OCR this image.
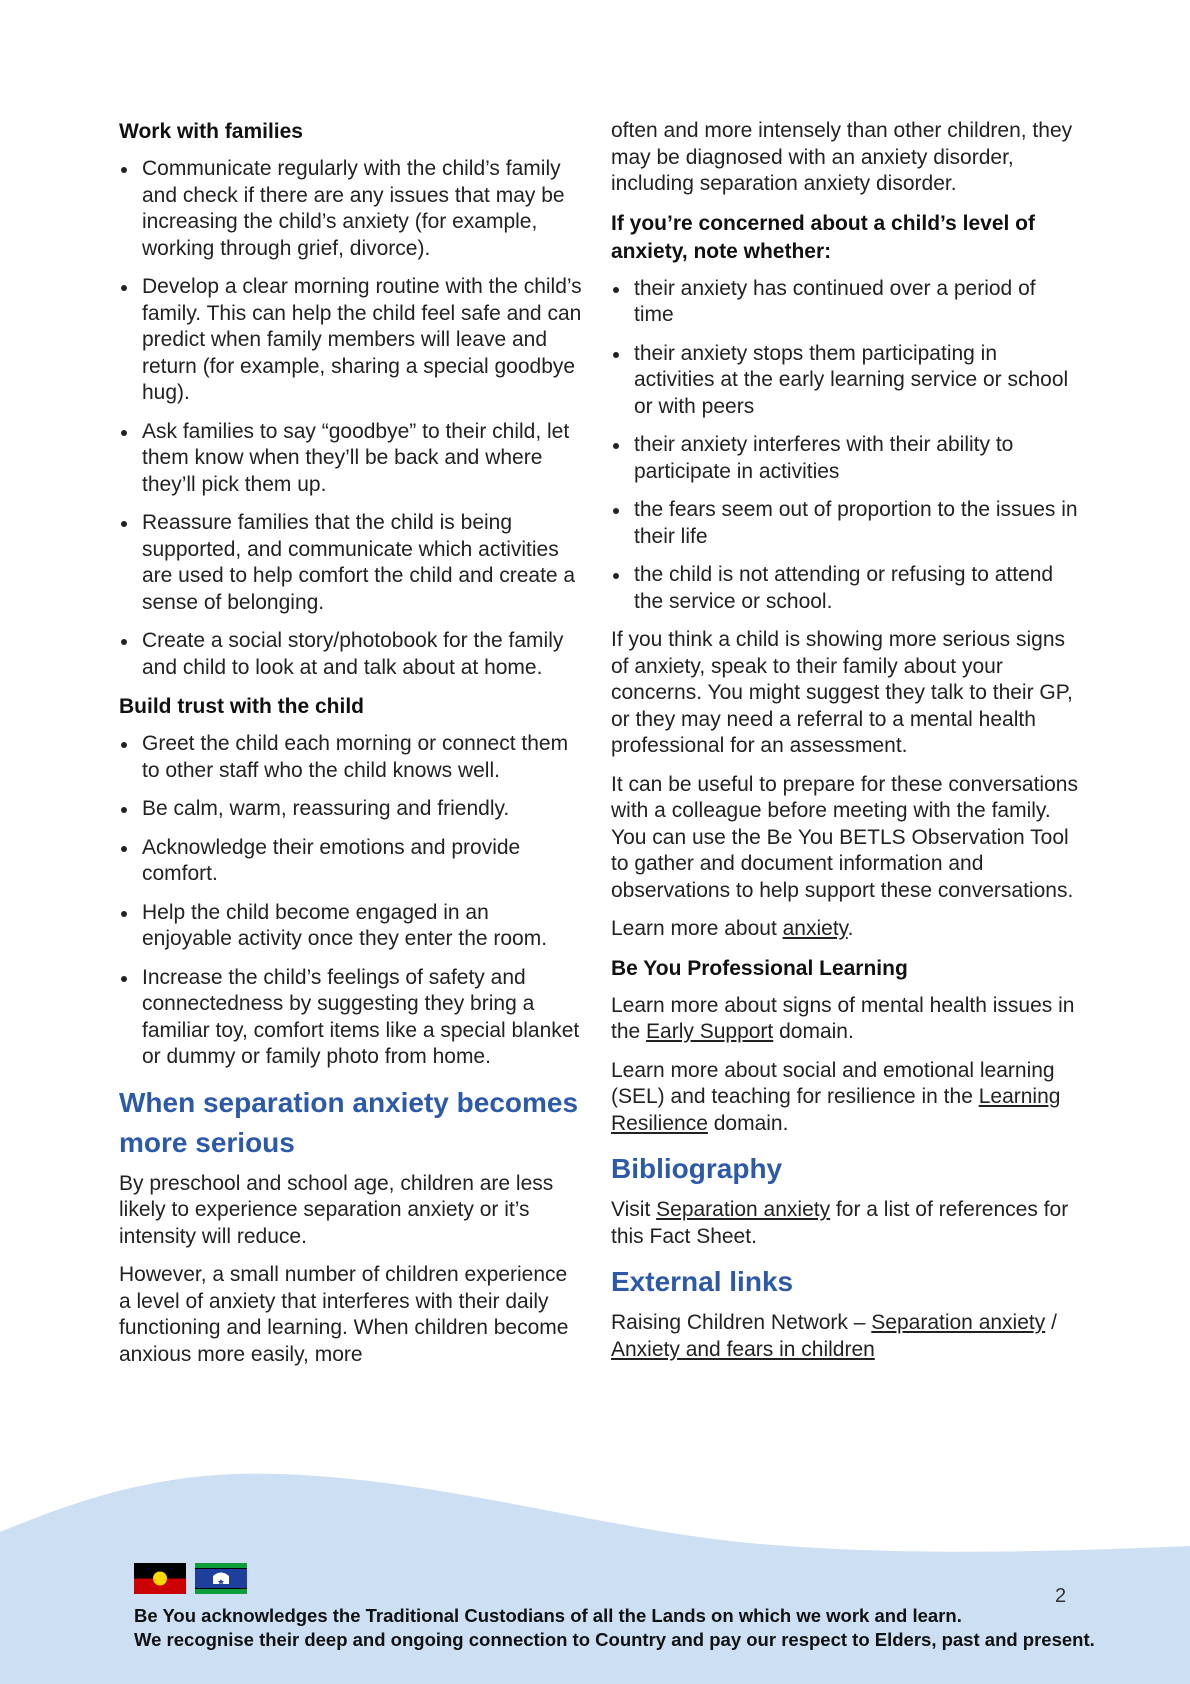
Work with families
Communicate regularly with the child’s family and check if there are any issues that may be increasing the child’s anxiety (for example, working through grief, divorce).
Develop a clear morning routine with the child’s family. This can help the child feel safe and can predict when family members will leave and return (for example, sharing a special goodbye hug).
Ask families to say “goodbye” to their child, let them know when they’ll be back and where they’ll pick them up.
Reassure families that the child is being supported, and communicate which activities are used to help comfort the child and create a sense of belonging.
Create a social story/photobook for the family and child to look at and talk about at home.
Build trust with the child
Greet the child each morning or connect them to other staff who the child knows well.
Be calm, warm, reassuring and friendly.
Acknowledge their emotions and provide comfort.
Help the child become engaged in an enjoyable activity once they enter the room.
Increase the child’s feelings of safety and connectedness by suggesting they bring a familiar toy, comfort items like a special blanket or dummy or family photo from home.
When separation anxiety becomes more serious

By preschool and school age, children are less likely to experience separation anxiety or it’s intensity will reduce.

However, a small number of children experience a level of anxiety that interferes with their daily functioning and learning. When children become anxious more easily, more

often and more intensely than other children, they may be diagnosed with an anxiety disorder, including separation anxiety disorder.

If you’re concerned about a child’s level of anxiety, note whether:
their anxiety has continued over a period of time
their anxiety stops them participating in activities at the early learning service or school or with peers
their anxiety interferes with their ability to participate in activities
the fears seem out of proportion to the issues in their life
the child is not attending or refusing to attend the service or school.

If you think a child is showing more serious signs of anxiety, speak to their family about your concerns. You might suggest they talk to their GP, or they may need a referral to a mental health professional for an assessment.

It can be useful to prepare for these conversations with a colleague before meeting with the family. You can use the Be You BETLS Observation Tool to gather and document information and observations to help support these conversations.

Learn more about anxiety.

Be You Professional Learning

Learn more about signs of mental health issues in the Early Support domain.

Learn more about social and emotional learning (SEL) and teaching for resilience in the Learning Resilience domain.

Bibliography

Visit Separation anxiety for a list of references for this Fact Sheet.

External links

Raising Children Network – Separation anxiety / Anxiety and fears in children

2
Be You acknowledges the Traditional Custodians of all the Lands on which we work and learn.
We recognise their deep and ongoing connection to Country and pay our respect to Elders, past and present.
